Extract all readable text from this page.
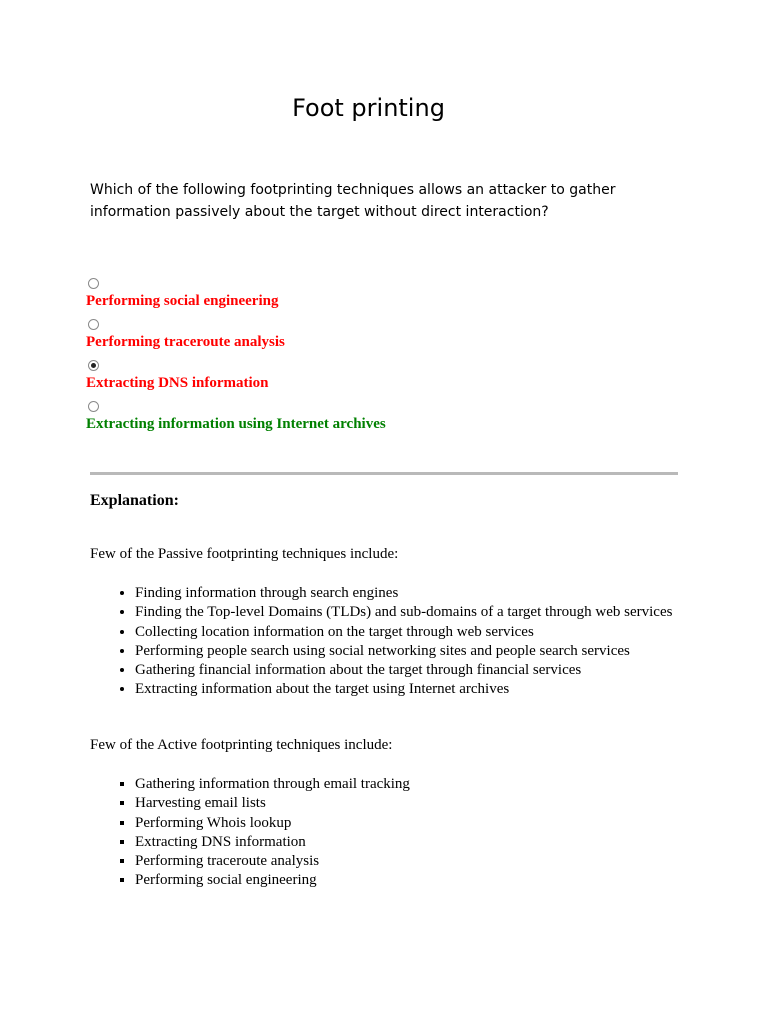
Foot printing
Which of the following footprinting techniques allows an attacker to gather information passively about the target without direct interaction?
Performing social engineering
Performing traceroute analysis
Extracting DNS information
Extracting information using Internet archives
Explanation:
Few of the Passive footprinting techniques include:
• Finding information through search engines
• Finding the Top-level Domains (TLDs) and sub-domains of a target through web services
• Collecting location information on the target through web services
• Performing people search using social networking sites and people search services
• Gathering financial information about the target through financial services
• Extracting information about the target using Internet archives
Few of the Active footprinting techniques include:
▪ Gathering information through email tracking
▪ Harvesting email lists
▪ Performing Whois lookup
▪ Extracting DNS information
▪ Performing traceroute analysis
▪ Performing social engineering
